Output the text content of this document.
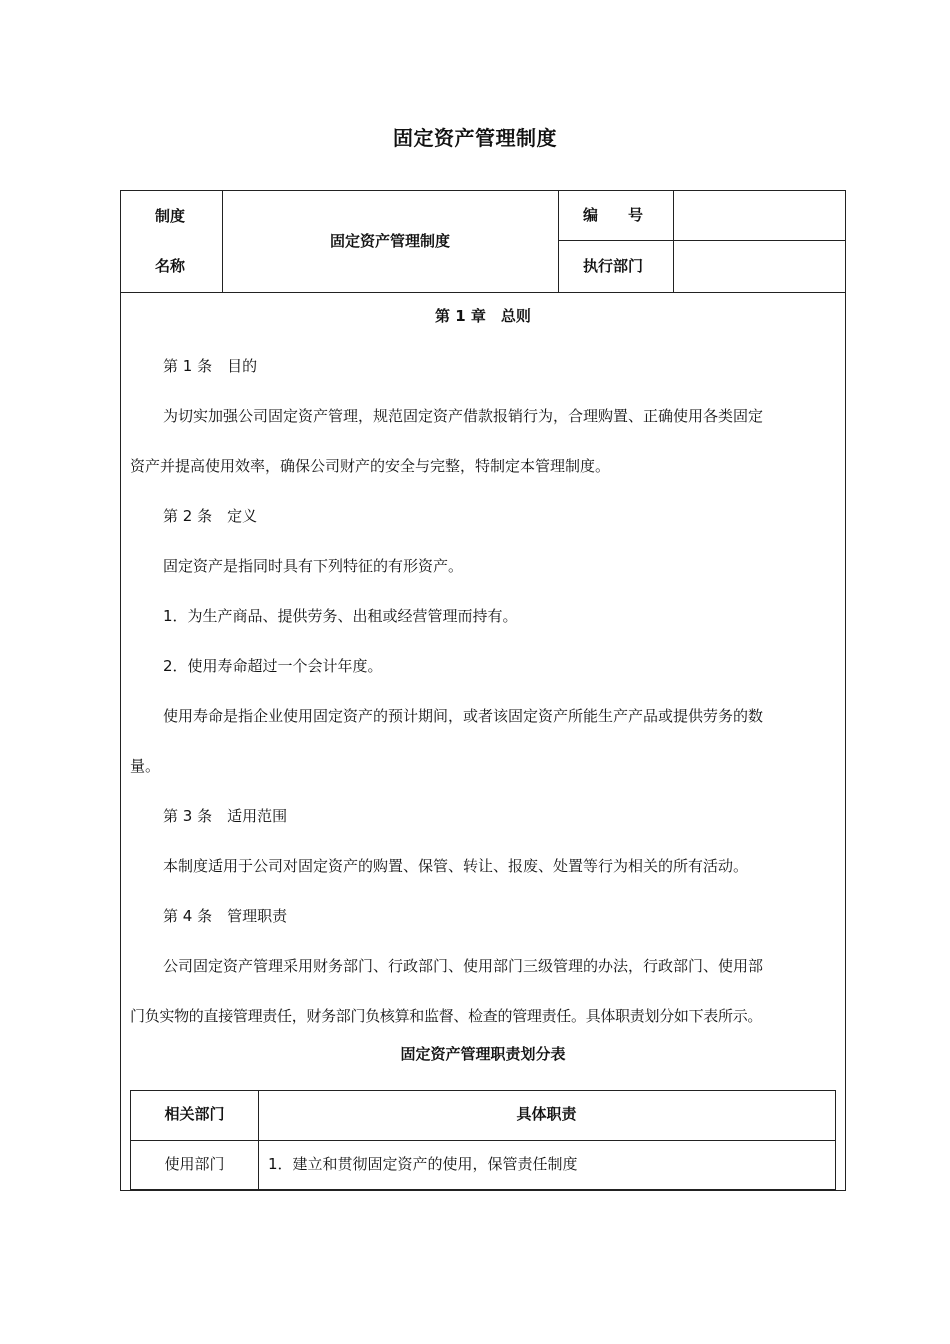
固定资产管理制度
制度
名称
固定资产管理制度
编　　号
执行部门
第 1 章　总则
第 1 条　目的
为切实加强公司固定资产管理，规范固定资产借款报销行为，合理购置、正确使用各类固定
资产并提高使用效率，确保公司财产的安全与完整，特制定本管理制度。
第 2 条　定义
固定资产是指同时具有下列特征的有形资产。
1．为生产商品、提供劳务、出租或经营管理而持有。
2．使用寿命超过一个会计年度。
使用寿命是指企业使用固定资产的预计期间，或者该固定资产所能生产产品或提供劳务的数
量。
第 3 条　适用范围
本制度适用于公司对固定资产的购置、保管、转让、报废、处置等行为相关的所有活动。
第 4 条　管理职责
公司固定资产管理采用财务部门、行政部门、使用部门三级管理的办法，行政部门、使用部
门负实物的直接管理责任，财务部门负核算和监督、检查的管理责任。具体职责划分如下表所示。
固定资产管理职责划分表
相关部门	具体职责
使用部门	1．建立和贯彻固定资产的使用，保管责任制度
